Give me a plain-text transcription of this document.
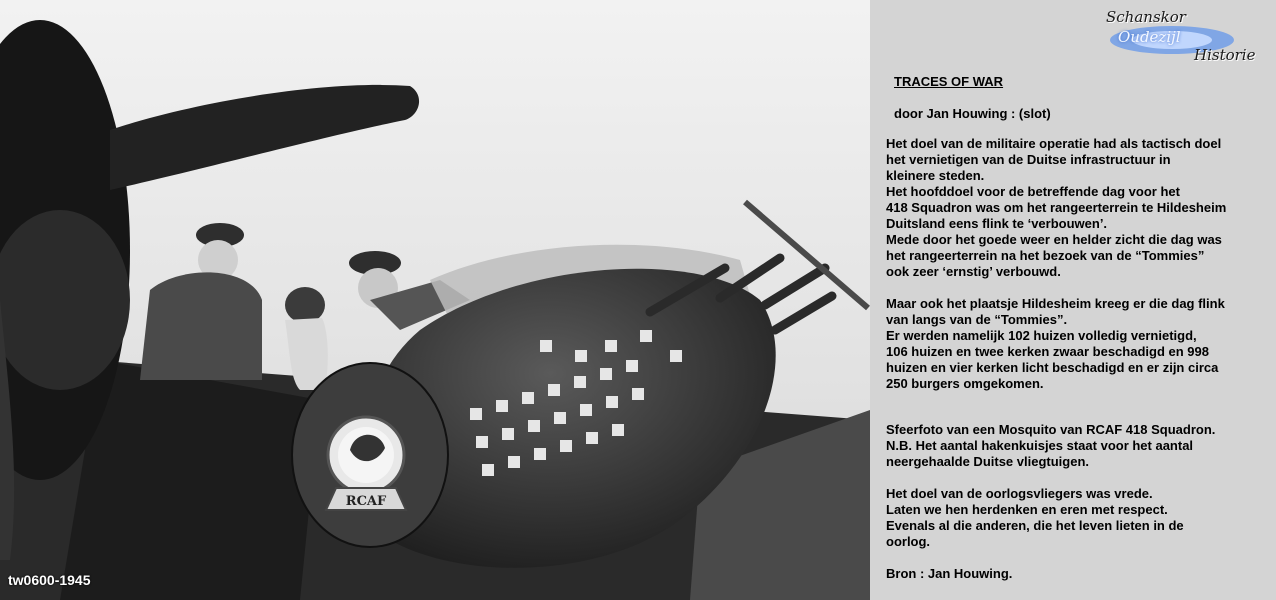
RCAF
tw0600-1945
Schanskor
Oudezijl
Historie
TRACES OF WAR
door Jan Houwing : (slot)
Het doel van de militaire operatie had als tactisch doel
het vernietigen van de Duitse infrastructuur in
kleinere steden.
Het hoofddoel voor de betreffende dag voor het
418 Squadron was om het rangeerterrein te Hildesheim
Duitsland eens flink te ‘verbouwen’.
Mede door het goede weer en helder zicht die dag was
het rangeerterrein na het bezoek van de “Tommies”
ook zeer ‘ernstig’ verbouwd.
Maar ook het plaatsje Hildesheim kreeg er die dag flink
van langs van de “Tommies”.
Er werden namelijk 102 huizen volledig vernietigd,
106 huizen en twee kerken zwaar beschadigd en 998
huizen en vier kerken licht beschadigd en er zijn circa
250 burgers omgekomen.
Sfeerfoto van een Mosquito van RCAF 418 Squadron.
N.B. Het aantal hakenkuisjes staat voor het aantal
neergehaalde Duitse vliegtuigen.
Het doel van de oorlogsvliegers was vrede.
Laten we hen herdenken en eren met respect.
Evenals al die anderen, die het leven lieten in de
oorlog.
Bron : Jan Houwing.
